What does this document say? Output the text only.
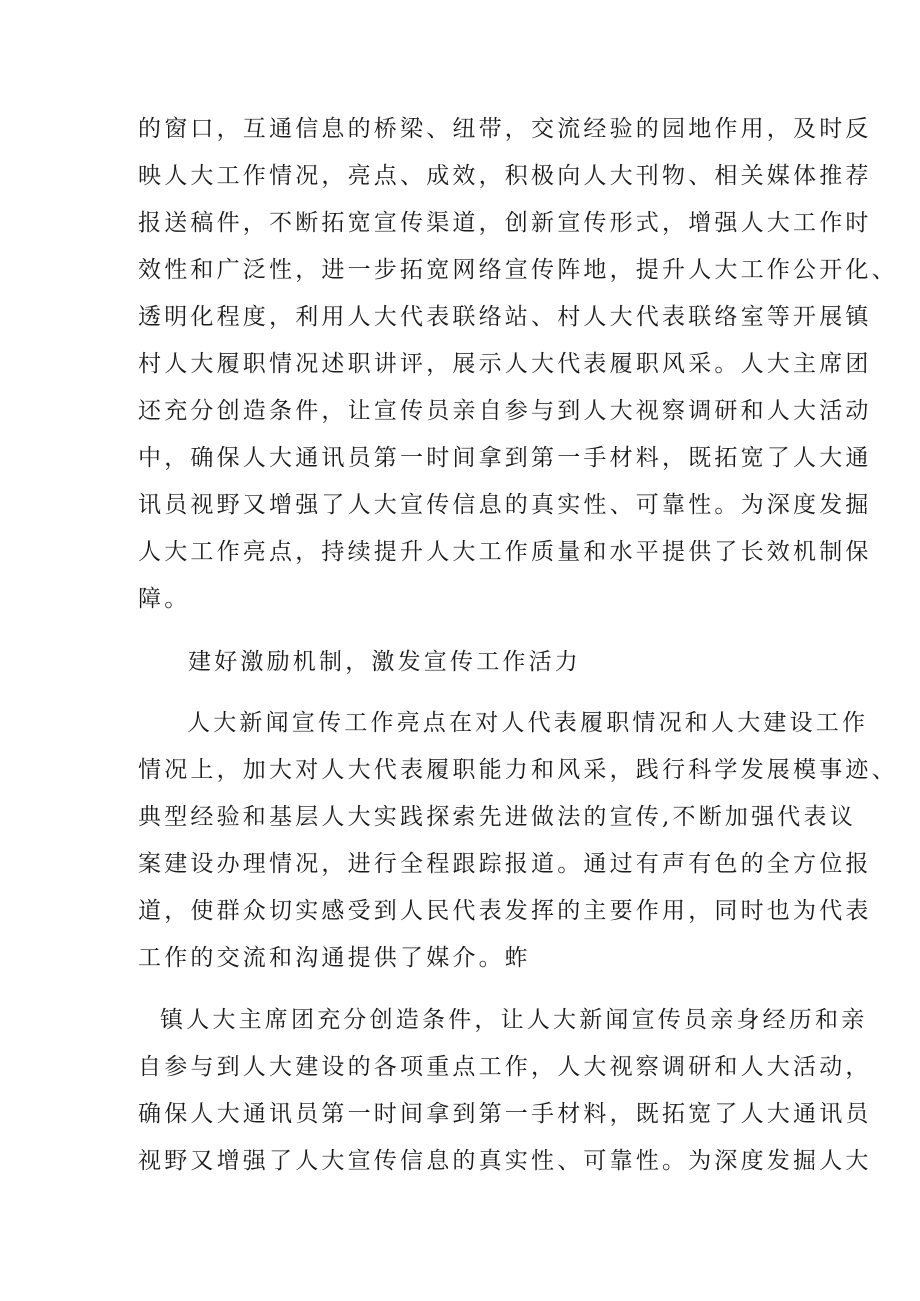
的窗口，互通信息的桥梁、纽带，交流经验的园地作用，及时反
映人大工作情况，亮点、成效，积极向人大刊物、相关媒体推荐
报送稿件，不断拓宽宣传渠道，创新宣传形式，增强人大工作时
效性和广泛性，进一步拓宽网络宣传阵地，提升人大工作公开化、
透明化程度，利用人大代表联络站、村人大代表联络室等开展镇
村人大履职情况述职讲评，展示人大代表履职风采。人大主席团
还充分创造条件，让宣传员亲自参与到人大视察调研和人大活动
中，确保人大通讯员第一时间拿到第一手材料，既拓宽了人大通
讯员视野又增强了人大宣传信息的真实性、可靠性。为深度发掘
人大工作亮点，持续提升人大工作质量和水平提供了长效机制保
障。
建好激励机制，激发宣传工作活力
人大新闻宣传工作亮点在对人代表履职情况和人大建设工作
情况上，加大对人大代表履职能力和风采，践行科学发展模事迹、
典型经验和基层人大实践探索先进做法的宣传,不断加强代表议
案建设办理情况，进行全程跟踪报道。通过有声有色的全方位报
道，使群众切实感受到人民代表发挥的主要作用，同时也为代表
工作的交流和沟通提供了媒介。蚱
镇人大主席团充分创造条件，让人大新闻宣传员亲身经历和亲
自参与到人大建设的各项重点工作，人大视察调研和人大活动，
确保人大通讯员第一时间拿到第一手材料，既拓宽了人大通讯员
视野又增强了人大宣传信息的真实性、可靠性。为深度发掘人大
